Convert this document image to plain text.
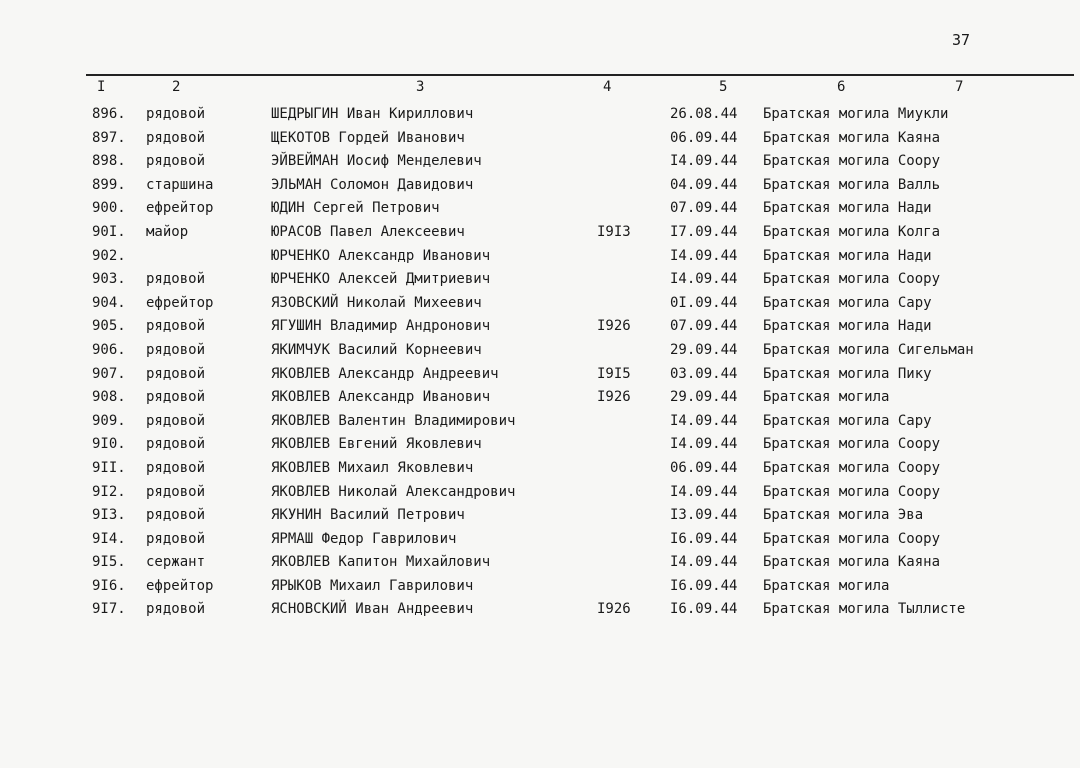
37
I	2	3	4	5	6	7
896. рядовой	ШЕДРЫГИН Иван Кириллович	26.08.44 Братская могила Миукли
897. рядовой	ЩЕКОТОВ Гордей Иванович	06.09.44 Братская могила Каяна
898. рядовой	ЭЙВЕЙМАН Иосиф Менделевич	I4.09.44 Братская могила Соору
899. старшина	ЭЛЬМАН Соломон Давидович	04.09.44 Братская могила Валль
900. ефрейтор	ЮДИН Сергей Петрович	07.09.44 Братская могила Нади
90I. майор	ЮРАСОВ Павел Алексеевич	I9I3	I7.09.44 Братская могила Колга
902.	ЮРЧЕНКО Александр Иванович	I4.09.44 Братская могила Нади
903. рядовой	ЮРЧЕНКО Алексей Дмитриевич	I4.09.44 Братская могила Соору
904. ефрейтор	ЯЗОВСКИЙ Николай Михеевич	0I.09.44 Братская могила Сару
905. рядовой	ЯГУШИН Владимир Андронович	I926	07.09.44 Братская могила Нади
906. рядовой	ЯКИМЧУК Василий Корнеевич	29.09.44 Братская могила Сигельман
907. рядовой	ЯКОВЛЕВ Александр Андреевич	I9I5	03.09.44 Братская могила Пику
908. рядовой	ЯКОВЛЕВ Александр Иванович	I926	29.09.44 Братская могила
909. рядовой	ЯКОВЛЕВ Валентин Владимирович	I4.09.44 Братская могила Сару
9I0. рядовой	ЯКОВЛЕВ Евгений Яковлевич	I4.09.44 Братская могила Соору
9II. рядовой	ЯКОВЛЕВ Михаил Яковлевич	06.09.44 Братская могила Соору
9I2. рядовой	ЯКОВЛЕВ Николай Александрович	I4.09.44 Братская могила Соору
9I3. рядовой	ЯКУНИН Василий Петрович	I3.09.44 Братская могила Эва
9I4. рядовой	ЯРМАШ Федор Гаврилович	I6.09.44 Братская могила Соору
9I5. сержант	ЯКОВЛЕВ Капитон Михайлович	I4.09.44 Братская могила Каяна
9I6. ефрейтор	ЯРЫКОВ Михаил Гаврилович	I6.09.44 Братская могила
9I7. рядовой	ЯСНОВСКИЙ Иван Андреевич	I926	I6.09.44 Братская могила Тыллисте
